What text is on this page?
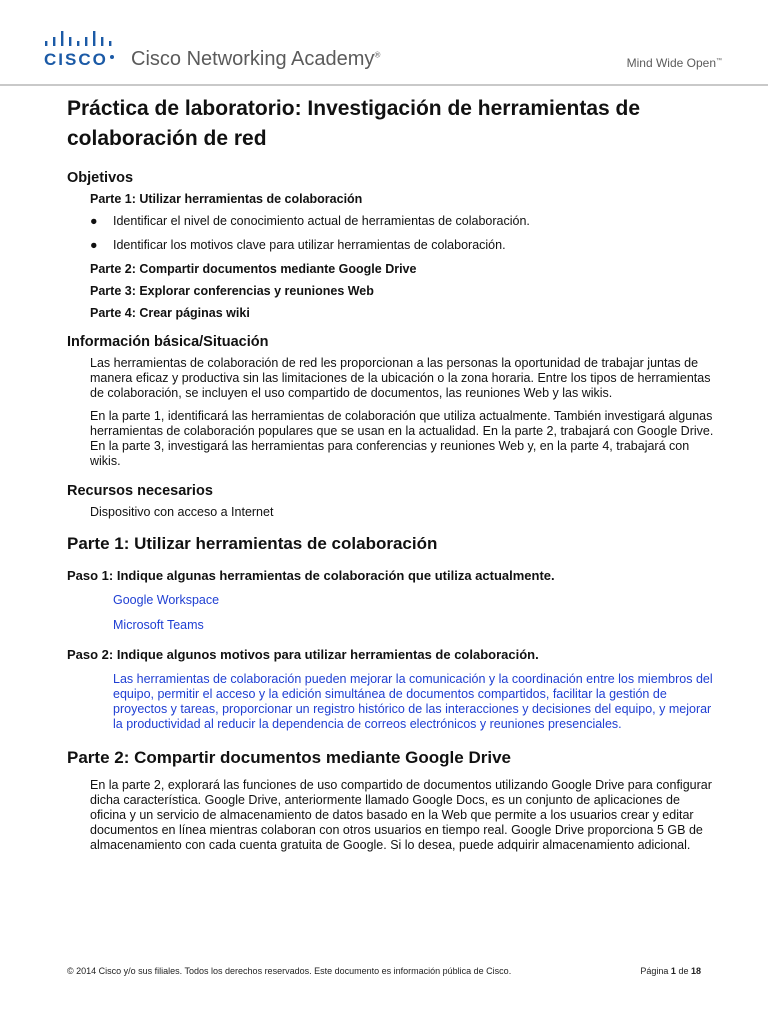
CISCO Cisco Networking Academy®
Mind Wide Open™
Práctica de laboratorio: Investigación de herramientas de colaboración de red
Objetivos
Parte 1: Utilizar herramientas de colaboración
● Identificar el nivel de conocimiento actual de herramientas de colaboración.
● Identificar los motivos clave para utilizar herramientas de colaboración.
Parte 2: Compartir documentos mediante Google Drive
Parte 3: Explorar conferencias y reuniones Web
Parte 4: Crear páginas wiki
Información básica/Situación

Las herramientas de colaboración de red les proporcionan a las personas la oportunidad de trabajar juntas de manera eficaz y productiva sin las limitaciones de la ubicación o la zona horaria. Entre los tipos de herramientas de colaboración, se incluyen el uso compartido de documentos, las reuniones Web y las wikis.

En la parte 1, identificará las herramientas de colaboración que utiliza actualmente. También investigará algunas herramientas de colaboración populares que se usan en la actualidad. En la parte 2, trabajará con Google Drive. En la parte 3, investigará las herramientas para conferencias y reuniones Web y, en la parte 4, trabajará con wikis.

Recursos necesarios

Dispositivo con acceso a Internet

Parte 1: Utilizar herramientas de colaboración
Paso 1: Indique algunas herramientas de colaboración que utiliza actualmente.
Google Workspace
Microsoft Teams
Paso 2: Indique algunos motivos para utilizar herramientas de colaboración.
Las herramientas de colaboración pueden mejorar la comunicación y la coordinación entre los miembros del equipo, permitir el acceso y la edición simultánea de documentos compartidos, facilitar la gestión de proyectos y tareas, proporcionar un registro histórico de las interacciones y decisiones del equipo, y mejorar la productividad al reducir la dependencia de correos electrónicos y reuniones presenciales.
Parte 2: Compartir documentos mediante Google Drive

En la parte 2, explorará las funciones de uso compartido de documentos utilizando Google Drive para configurar dicha característica. Google Drive, anteriormente llamado Google Docs, es un conjunto de aplicaciones de oficina y un servicio de almacenamiento de datos basado en la Web que permite a los usuarios crear y editar documentos en línea mientras colaboran con otros usuarios en tiempo real. Google Drive proporciona 5 GB de almacenamiento con cada cuenta gratuita de Google. Si lo desea, puede adquirir almacenamiento adicional.

© 2014 Cisco y/o sus filiales. Todos los derechos reservados. Este documento es información pública de Cisco.	Página 1 de 18
